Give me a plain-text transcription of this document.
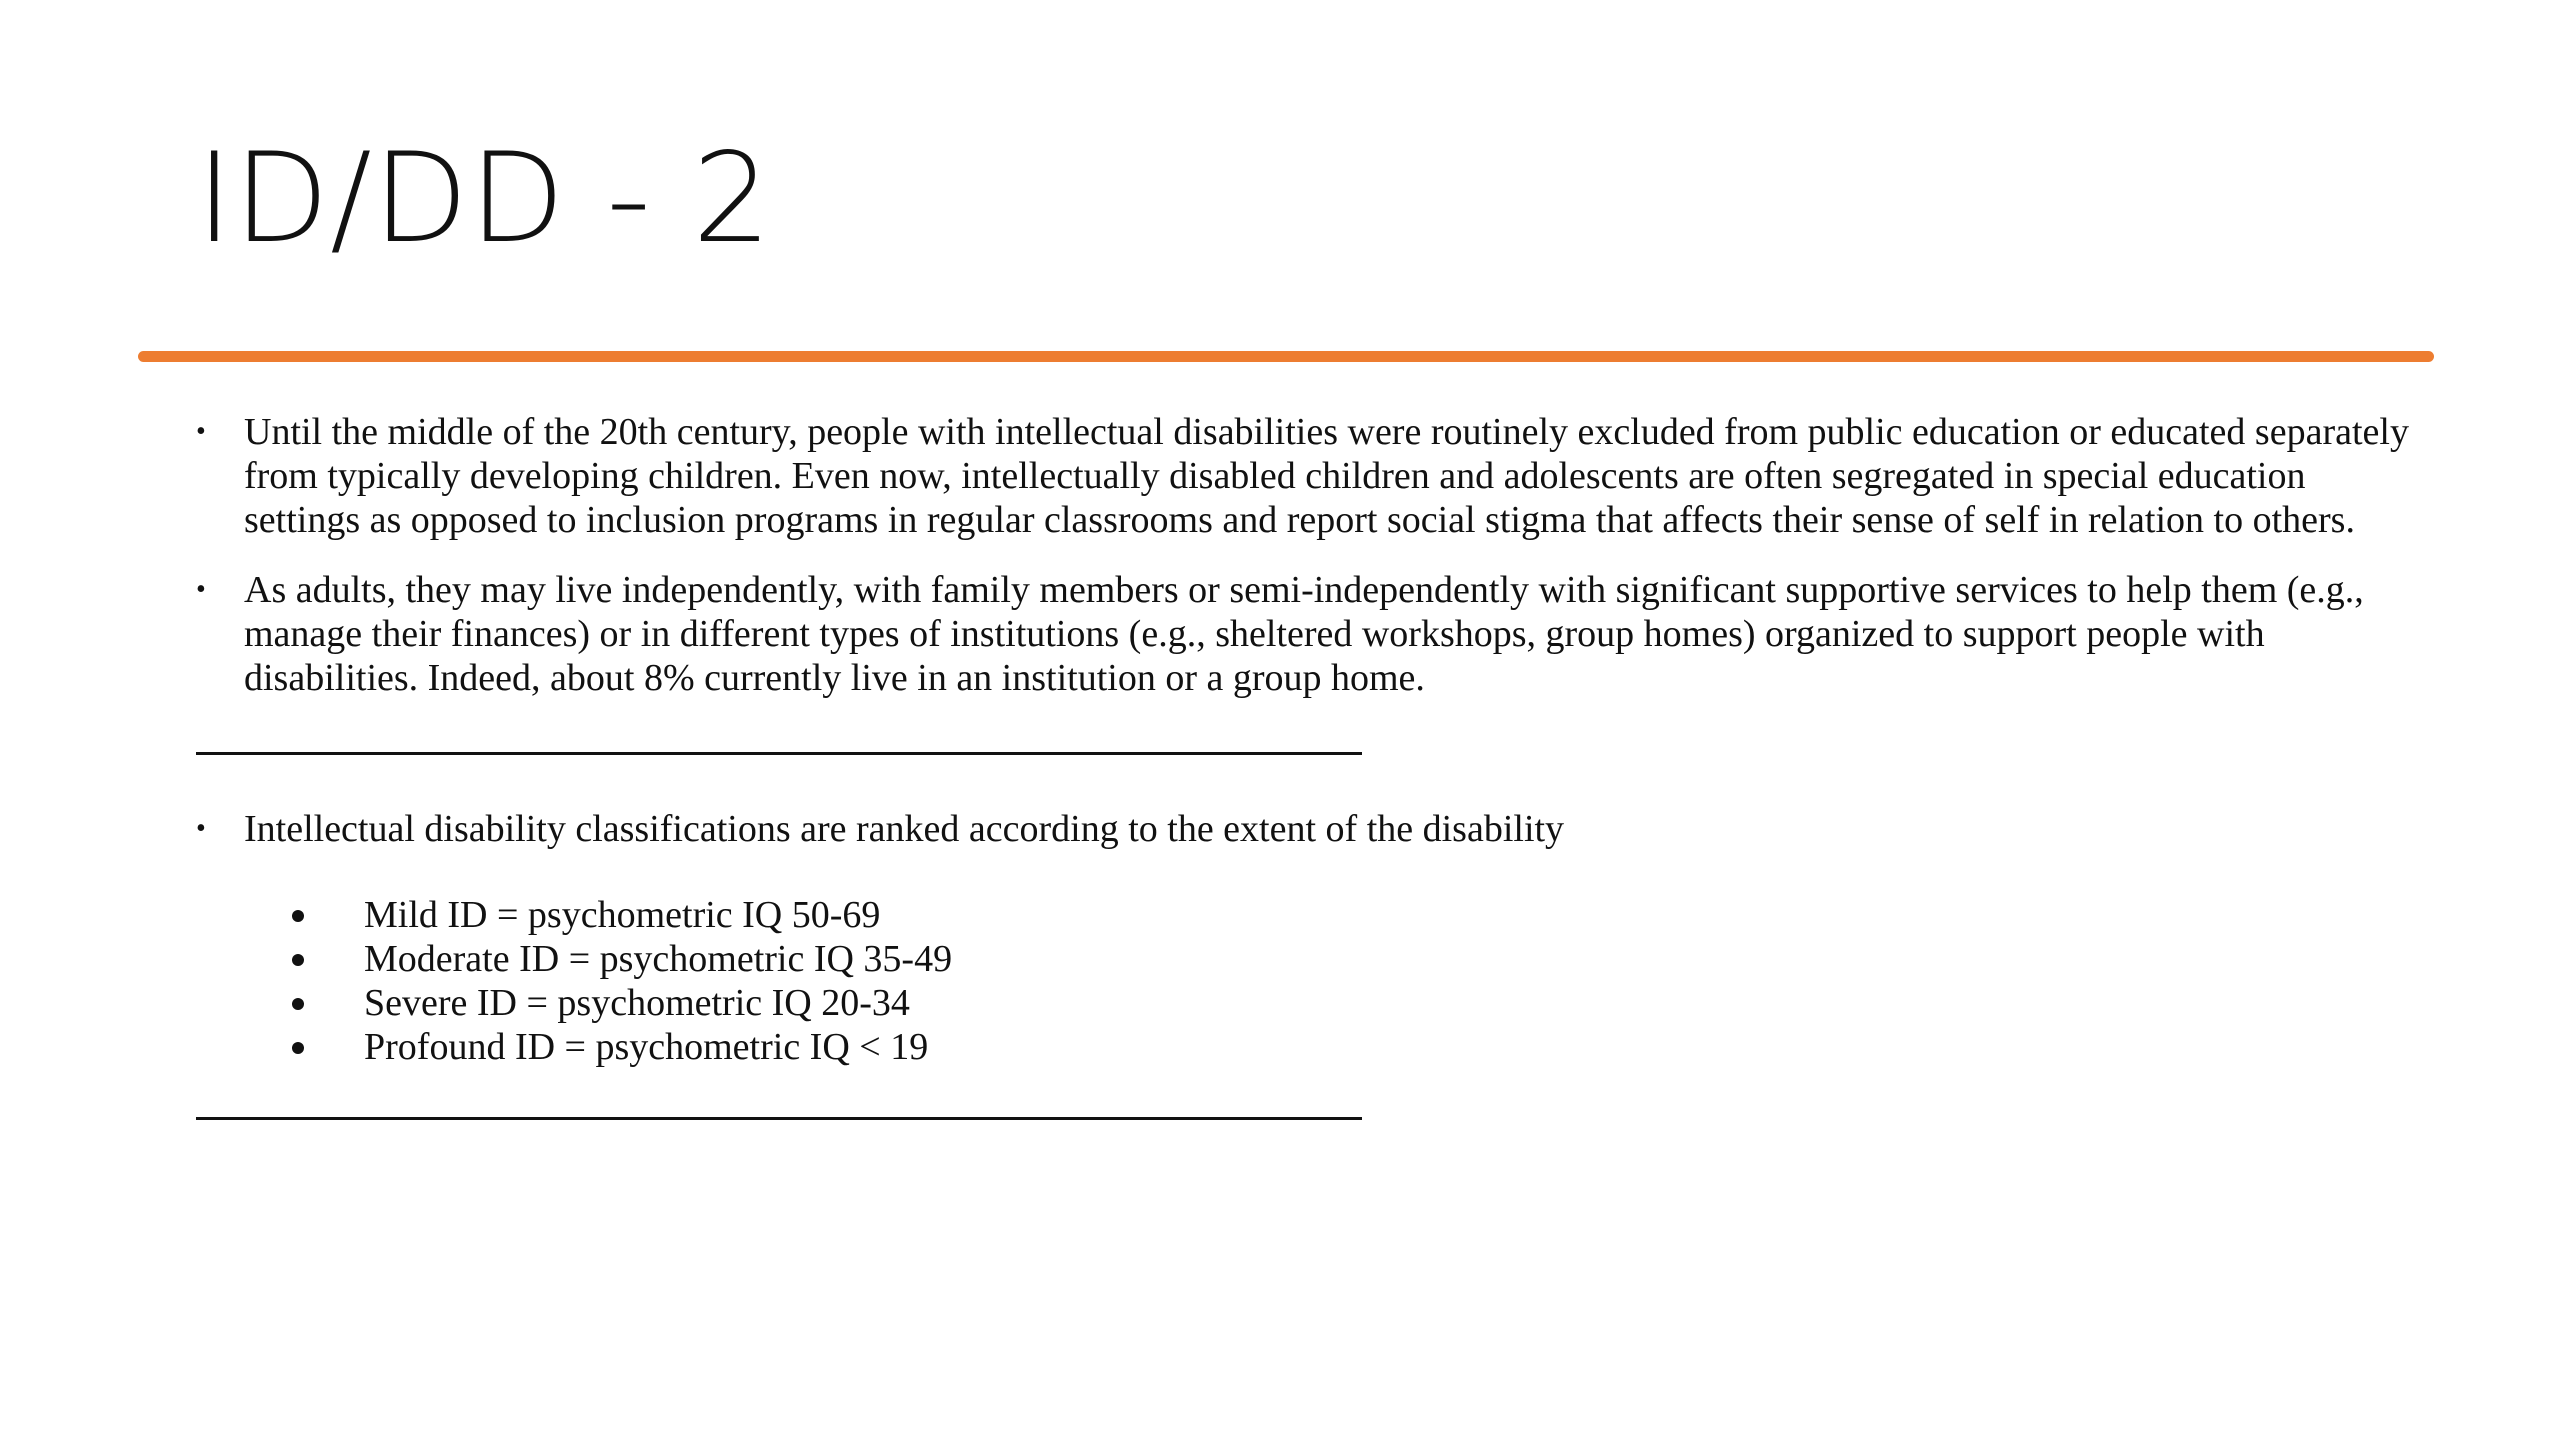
ID/DD - 2
• Until the middle of the 20th century, people with intellectual disabilities were routinely excluded from public education or educated separately from typically developing children. Even now, intellectually disabled children and adolescents are often segregated in special education settings as opposed to inclusion programs in regular classrooms and report social stigma that affects their sense of self in relation to others.
• As adults, they may live independently, with family members or semi-independently with significant supportive services to help them (e.g., manage their finances) or in different types of institutions (e.g., sheltered workshops, group homes) organized to support people with disabilities. Indeed, about 8% currently live in an institution or a group home.
• Intellectual disability classifications are ranked according to the extent of the disability
Mild ID = psychometric IQ 50-69
Moderate ID = psychometric IQ 35-49
Severe ID = psychometric IQ 20-34
Profound ID = psychometric IQ < 19
